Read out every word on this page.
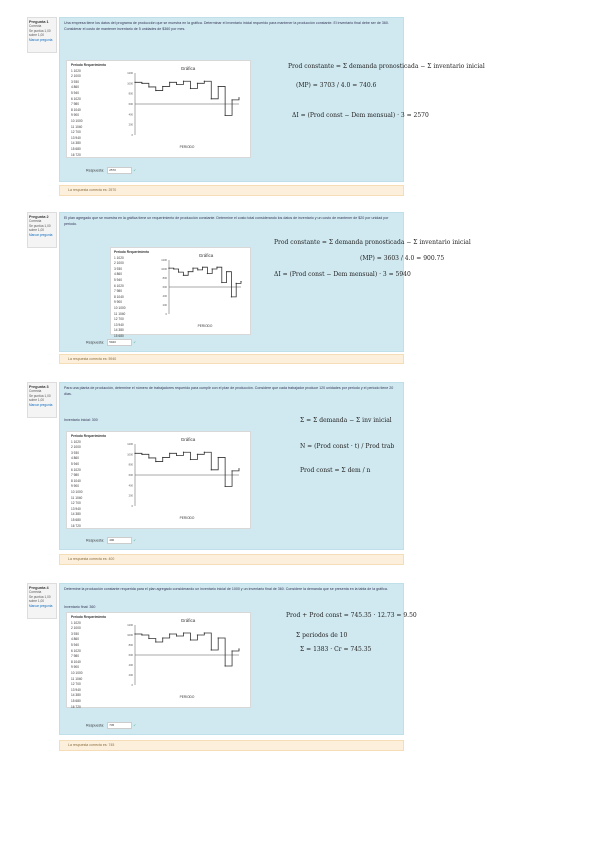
Pregunta 1
Correcta
Se puntúa 1,00 sobre 1,00
Marcar pregunta
Una empresa tiene los datos del programa de producción que se muestra en la gráfica. Determinar el inventario inicial requerido para mantener la producción constante. El inventario final debe ser de 360. Considerar el costo de mantener inventario de 5 unidades de $360 por mes.
Periodo Requerimiento
1 1020
2 1000
3 930
4 860
5 940
6 1020
7 980
8 1040
9 900
10 1000
11 1040
12 700
13 940
14 380
15 680
16 720
Gráfica
0
200
400
600
800
1000
1200
PERIODO
Respuesta: 2570	✓
Prod constante = Σ demanda pronosticada − Σ inventario inicial
(MP) = 3703 / 4.0 = 740.6
ΔI = (Prod const − Dem mensual) · 3 = 2570
La respuesta correcta es: 2570
Pregunta 2
Correcta
Se puntúa 1,00 sobre 1,00
Marcar pregunta
El plan agregado que se muestra en la gráfica tiene un requerimiento de producción constante. Determine el costo total considerando los datos de inventario y un costo de mantener de $20 por unidad por periodo.
Periodo Requerimiento
1 1020
2 1000
3 930
4 860
5 940
6 1020
7 980
8 1040
9 900
10 1000
11 1040
12 700
13 940
14 380
15 680
Gráfica
0
200
400
600
800
1000
1200
PERIODO
Respuesta: 5940	✓
Prod constante = Σ demanda pronosticada − Σ inventario inicial
(MP) = 3603 / 4.0 = 900.75
ΔI = (Prod const − Dem mensual) · 3 = 5940
La respuesta correcta es: 5940
Pregunta 3
Correcta
Se puntúa 1,00 sobre 1,00
Marcar pregunta
Para una planta de producción, determine el número de trabajadores requerido para cumplir con el plan de producción. Considere que cada trabajador produce 120 unidades por periodo y el periodo tiene 20 días.
Inventario inicial: 300
Periodo Requerimiento
1 1020
2 1000
3 930
4 860
5 940
6 1020
7 980
8 1040
9 900
10 1000
11 1040
12 700
13 940
14 380
15 680
16 720
Gráfica
0
200
400
600
800
1000
1200
PERIODO
Respuesta: 400	✓
Σ = Σ demanda − Σ inv inicial
N = (Prod const · t) / Prod trab
Prod const = Σ dem / n
La respuesta correcta es: 400
Pregunta 4
Correcta
Se puntúa 1,00 sobre 1,00
Marcar pregunta
Determine la producción constante requerida para el plan agregado considerando un inventario inicial de 1000 y un inventario final de 360. Considere la demanda que se presenta en la tabla de la gráfica.
Inventario final: 360
Periodo Requerimiento
1 1020
2 1000
3 930
4 860
5 940
6 1020
7 980
8 1040
9 900
10 1000
11 1040
12 700
13 940
14 380
15 680
16 720
Gráfica
0
200
400
600
800
1000
1200
PERIODO
Respuesta: 745	✓
Prod + Prod const = 745.35 · 12.73 = 9.50
Σ periodos de 10
Σ = 1383 · Cr = 745.35
La respuesta correcta es: 745
